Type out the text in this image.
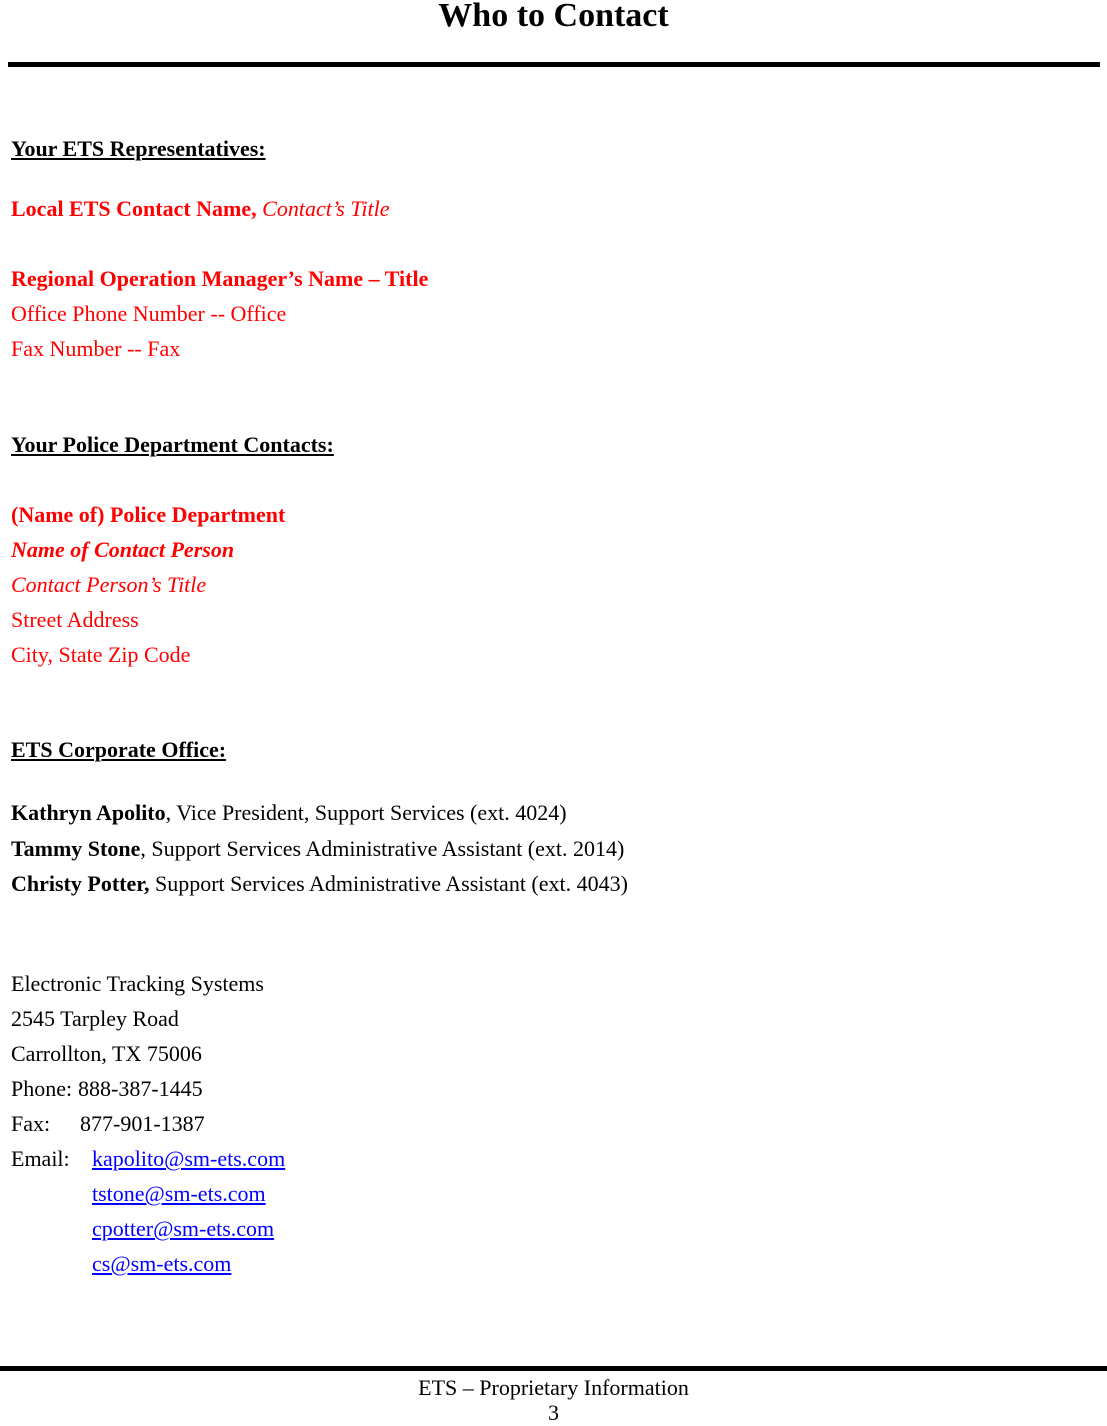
Who to Contact
Your ETS Representatives:
Local ETS Contact Name, Contact’s Title
Regional Operation Manager’s Name – Title
Office Phone Number -- Office
Fax Number -- Fax
Your Police Department Contacts:
(Name of) Police Department
Name of Contact Person
Contact Person’s Title
Street Address
City, State Zip Code
ETS Corporate Office:
Kathryn Apolito, Vice President, Support Services (ext. 4024)
Tammy Stone, Support Services Administrative Assistant (ext. 2014)
Christy Potter, Support Services Administrative Assistant (ext. 4043)
Electronic Tracking Systems
2545 Tarpley Road
Carrollton, TX 75006
Phone: 888-387-1445
Fax: 877-901-1387
Email: kapolito@sm-ets.com
tstone@sm-ets.com
cpotter@sm-ets.com
cs@sm-ets.com
ETS – Proprietary Information
3
